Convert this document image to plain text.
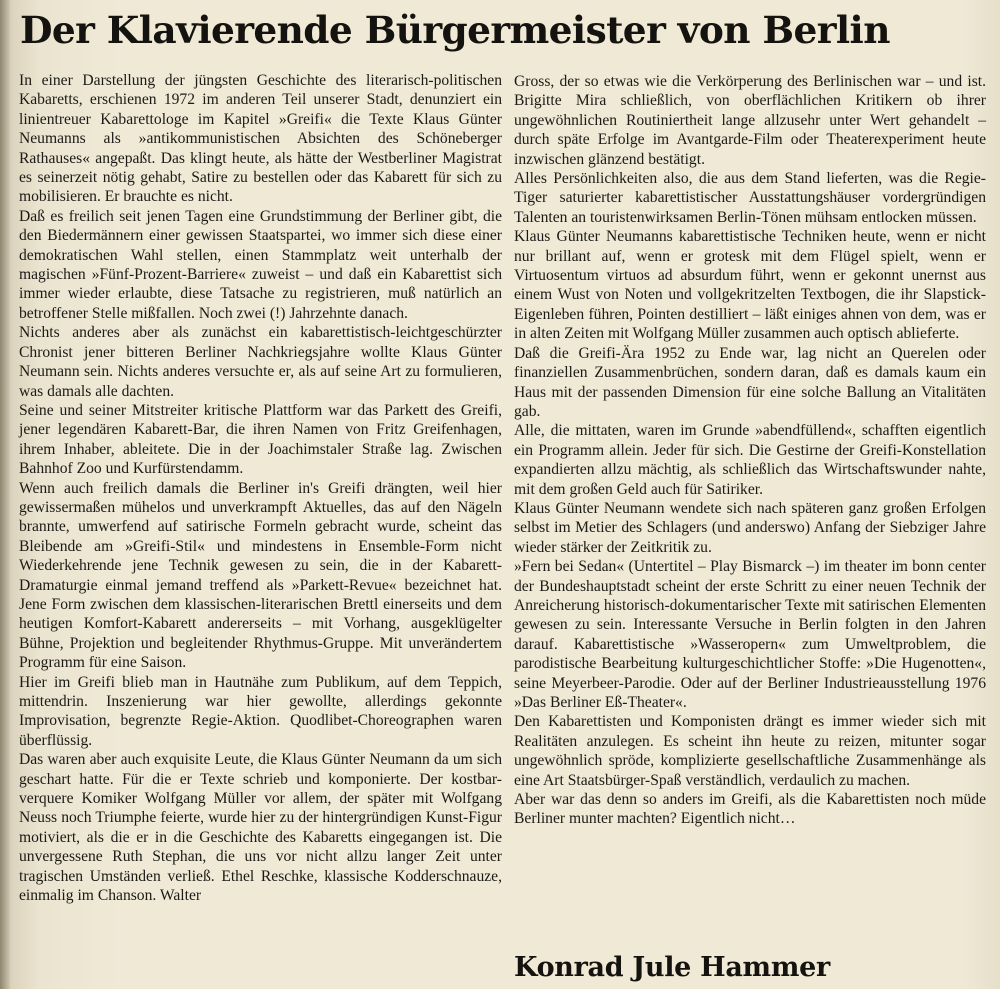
Der Klavierende Bürgermeister von Berlin

In einer Darstellung der jüngsten Geschichte des literarisch-politischen Kabaretts, erschienen 1972 im anderen Teil unserer Stadt, denunziert ein linientreuer Kabarettologe im Kapitel »Greifi« die Texte Klaus Günter Neumanns als »antikommunistischen Absichten des Schöneberger Rathauses« angepaßt. Das klingt heute, als hätte der Westberliner Magistrat es seinerzeit nötig gehabt, Satire zu bestellen oder das Kabarett für sich zu mobilisieren. Er brauchte es nicht.

Daß es freilich seit jenen Tagen eine Grundstimmung der Berliner gibt, die den Biedermännern einer gewissen Staatspartei, wo immer sich diese einer demokratischen Wahl stellen, einen Stammplatz weit unterhalb der magischen »Fünf-Prozent-Barriere« zuweist – und daß ein Kabarettist sich immer wieder erlaubte, diese Tatsache zu registrieren, muß natürlich an betroffener Stelle mißfallen. Noch zwei (!) Jahrzehnte danach.

Nichts anderes aber als zunächst ein kabarettistisch-leichtgeschürzter Chronist jener bitteren Berliner Nachkriegsjahre wollte Klaus Günter Neumann sein. Nichts anderes versuchte er, als auf seine Art zu formulieren, was damals alle dachten.

Seine und seiner Mitstreiter kritische Plattform war das Parkett des Greifi, jener legendären Kabarett-Bar, die ihren Namen von Fritz Greifenhagen, ihrem Inhaber, ableitete. Die in der Joachimstaler Straße lag. Zwischen Bahnhof Zoo und Kurfürstendamm.

Wenn auch freilich damals die Berliner in's Greifi drängten, weil hier gewissermaßen mühelos und unverkrampft Aktuelles, das auf den Nägeln brannte, umwerfend auf satirische Formeln gebracht wurde, scheint das Bleibende am »Greifi-Stil« und mindestens in Ensemble-Form nicht Wiederkehrende jene Technik gewesen zu sein, die in der Kabarett-Dramaturgie einmal jemand treffend als »Parkett-Revue« bezeichnet hat. Jene Form zwischen dem klassischen-literarischen Brettl einerseits und dem heutigen Komfort-Kabarett andererseits – mit Vorhang, ausgeklügelter Bühne, Projektion und begleitender Rhythmus-Gruppe. Mit unverändertem Programm für eine Saison.

Hier im Greifi blieb man in Hautnähe zum Publikum, auf dem Teppich, mittendrin. Inszenierung war hier gewollte, allerdings gekonnte Improvisation, begrenzte Regie-Aktion. Quodlibet-Choreographen waren überflüssig.

Das waren aber auch exquisite Leute, die Klaus Günter Neumann da um sich geschart hatte. Für die er Texte schrieb und komponierte. Der kostbar-verquere Komiker Wolfgang Müller vor allem, der später mit Wolfgang Neuss noch Triumphe feierte, wurde hier zu der hintergründigen Kunst-Figur motiviert, als die er in die Geschichte des Kabaretts eingegangen ist. Die unvergessene Ruth Stephan, die uns vor nicht allzu langer Zeit unter tragischen Umständen verließ. Ethel Reschke, klassische Kodderschnauze, einmalig im Chanson. Walter

Gross, der so etwas wie die Verkörperung des Berlinischen war – und ist. Brigitte Mira schließlich, von oberflächlichen Kritikern ob ihrer ungewöhnlichen Routiniertheit lange allzusehr unter Wert gehandelt – durch späte Erfolge im Avantgarde-Film oder Theaterexperiment heute inzwischen glänzend bestätigt.

Alles Persönlichkeiten also, die aus dem Stand lieferten, was die Regie-Tiger saturierter kabarettistischer Ausstattungshäuser vordergründigen Talenten an touristenwirksamen Berlin-Tönen mühsam entlocken müssen.

Klaus Günter Neumanns kabarettistische Techniken heute, wenn er nicht nur brillant auf, wenn er grotesk mit dem Flügel spielt, wenn er Virtuosentum virtuos ad absurdum führt, wenn er gekonnt unernst aus einem Wust von Noten und vollgekritzelten Textbogen, die ihr Slapstick-Eigenleben führen, Pointen destilliert – läßt einiges ahnen von dem, was er in alten Zeiten mit Wolfgang Müller zusammen auch optisch ablieferte.

Daß die Greifi-Ära 1952 zu Ende war, lag nicht an Querelen oder finanziellen Zusammenbrüchen, sondern daran, daß es damals kaum ein Haus mit der passenden Dimension für eine solche Ballung an Vitalitäten gab.

Alle, die mittaten, waren im Grunde »abendfüllend«, schafften eigentlich ein Programm allein. Jeder für sich. Die Gestirne der Greifi-Konstellation expandierten allzu mächtig, als schließlich das Wirtschaftswunder nahte, mit dem großen Geld auch für Satiriker.

Klaus Günter Neumann wendete sich nach späteren ganz großen Erfolgen selbst im Metier des Schlagers (und anderswo) Anfang der Siebziger Jahre wieder stärker der Zeitkritik zu.

»Fern bei Sedan« (Untertitel – Play Bismarck –) im theater im bonn center der Bundeshauptstadt scheint der erste Schritt zu einer neuen Technik der Anreicherung historisch-dokumentarischer Texte mit satirischen Elementen gewesen zu sein. Interessante Versuche in Berlin folgten in den Jahren darauf. Kabarettistische »Wasseropern« zum Umweltproblem, die parodistische Bearbeitung kulturgeschichtlicher Stoffe: »Die Hugenotten«, seine Meyerbeer-Parodie. Oder auf der Berliner Industrieausstellung 1976 »Das Berliner Eß-Theater«.

Den Kabarettisten und Komponisten drängt es immer wieder sich mit Realitäten anzulegen. Es scheint ihn heute zu reizen, mitunter sogar ungewöhnlich spröde, komplizierte gesellschaftliche Zusammenhänge als eine Art Staatsbürger-Spaß verständlich, verdaulich zu machen.

Aber war das denn so anders im Greifi, als die Kabarettisten noch müde Berliner munter machten? Eigentlich nicht…

Konrad Jule Hammer
